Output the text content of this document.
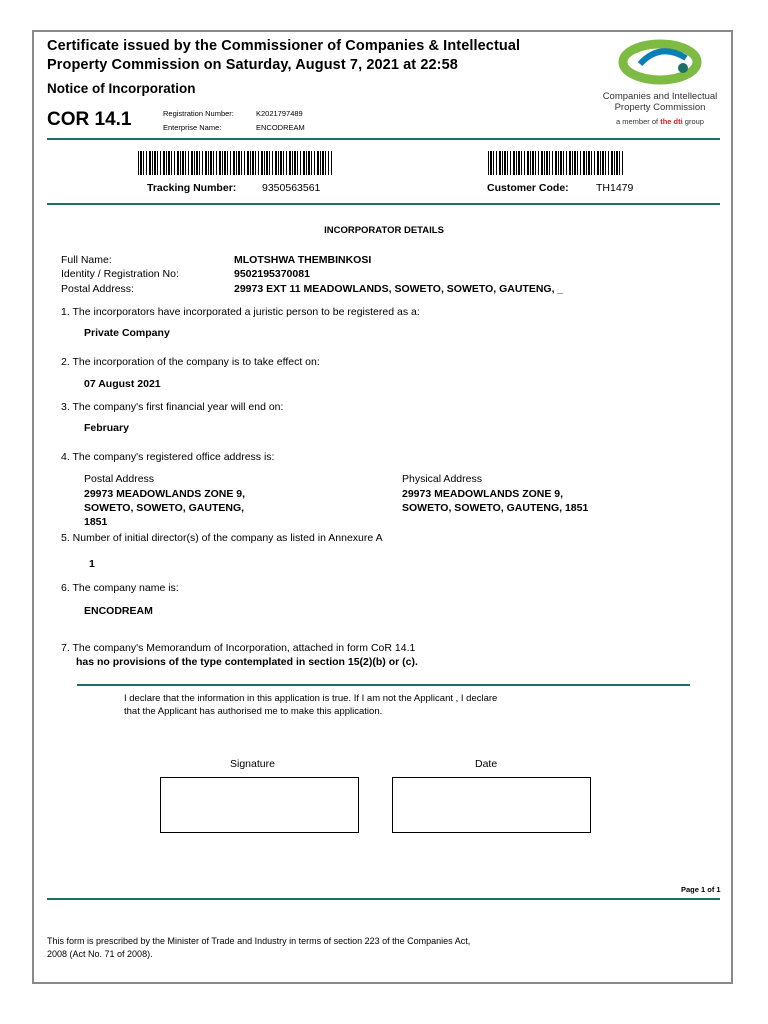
Certificate issued by the Commissioner of Companies & Intellectual
Property Commission on Saturday, August 7, 2021 at 22:58
Notice of Incorporation
COR 14.1	Registration Number:	K2021797489
Enterprise Name:	ENCODREAM
Companies and Intellectual
Property Commission
a member of the dti group
Tracking Number: 9350563561	Customer Code:	TH1479
INCORPORATOR DETAILS
Full Name:	MLOTSHWA THEMBINKOSI
Identity / Registration No:	9502195370081
Postal Address:	29973 EXT 11 MEADOWLANDS, SOWETO, SOWETO, GAUTENG, _
1. The incorporators have incorporated a juristic person to be registered as a:
Private Company
2. The incorporation of the company is to take effect on:
07 August 2021
3. The company's first financial year will end on:
February
4. The company's registered office address is:
Postal Address
29973 MEADOWLANDS ZONE 9,
SOWETO, SOWETO, GAUTENG,
1851
Physical Address
29973 MEADOWLANDS ZONE 9,
SOWETO, SOWETO, GAUTENG, 1851
5. Number of initial director(s) of the company as listed in Annexure A
1
6. The company name is:
ENCODREAM
7. The company's Memorandum of Incorporation, attached in form CoR 14.1
has no provisions of the type contemplated in section 15(2)(b) or (c).
I declare that the information in this application is true. If I am not the Applicant , I declare
that the Applicant has authorised me to make this application.
Signature	Date
Page 1 of 1
This form is prescribed by the Minister of Trade and Industry in terms of section 223 of the Companies Act,
2008 (Act No. 71 of 2008).
